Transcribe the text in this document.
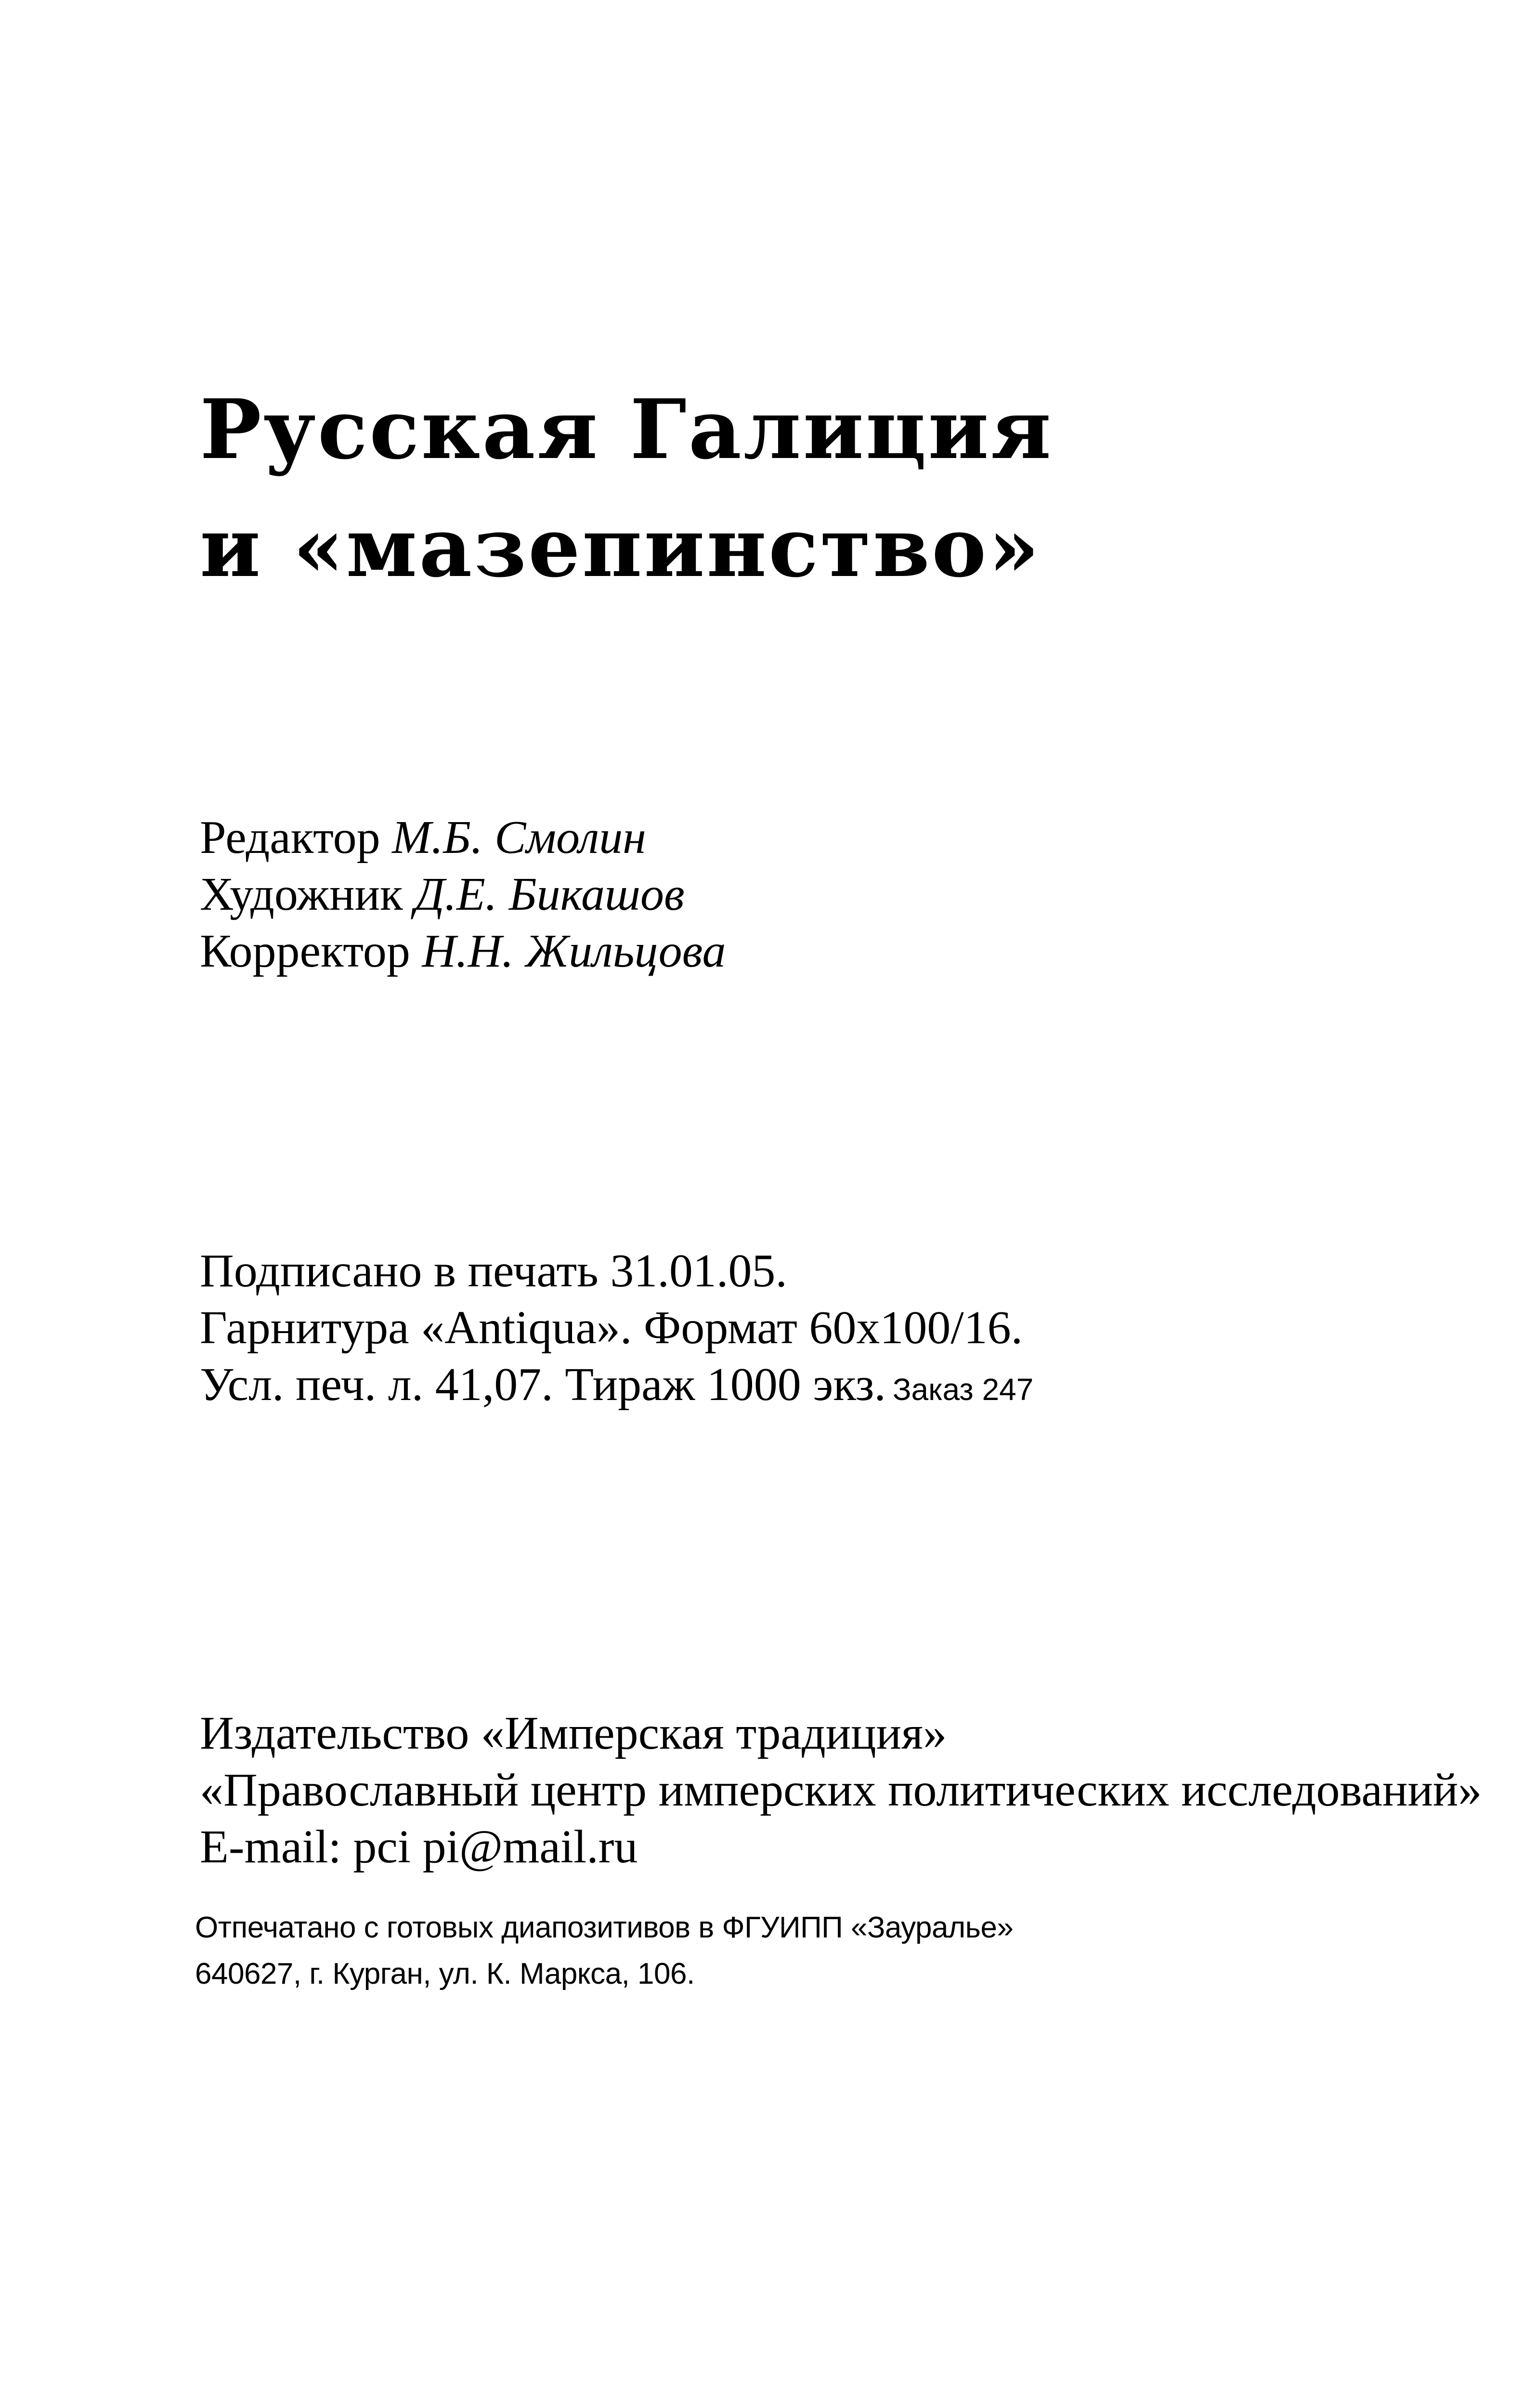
Русская Галиция
и «мазепинство»
Редактор М.Б. Смолин
Художник Д.Е. Бикашов
Корректор Н.Н. Жильцова
Подписано в печать 31.01.05.
Гарнитура «Antiqua». Формат 60x100/16.
Усл. печ. л. 41,07. Тираж 1000 экз. Заказ 247
Издательство «Имперская традиция»
«Православный центр имперских политических исследований»
E-mail: pci pi@mail.ru
Отпечатано с готовых диапозитивов в ФГУИПП «Зауралье»
640627, г. Курган, ул. К. Маркса, 106.
